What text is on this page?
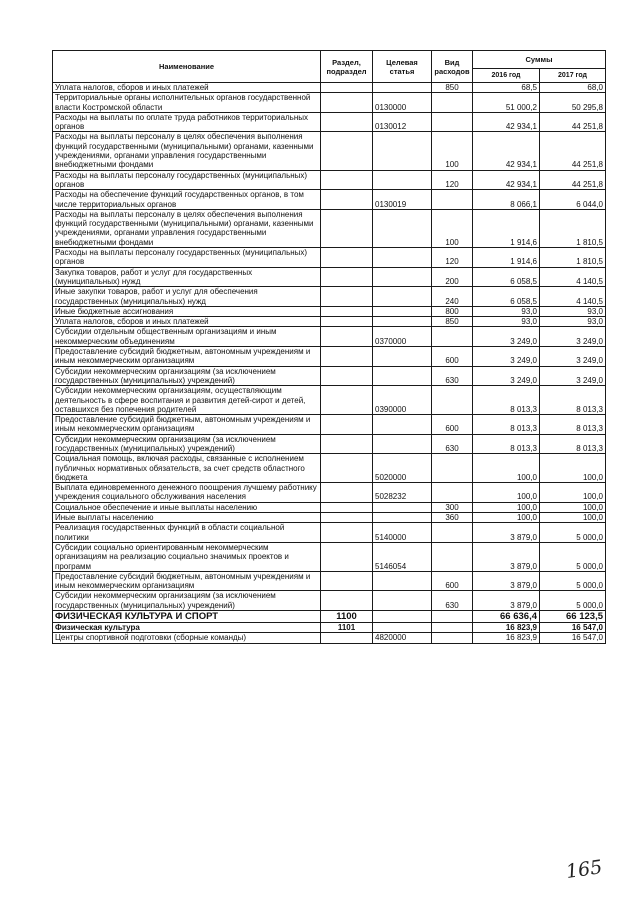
Наименование	Раздел, подраздел	Целевая статья	Вид расходов	Суммы	
				2016 год	2017 год
Уплата налогов, сборов и иных платежей			850	68,5	68,0
Территориальные органы исполнительных органов государственной власти Костромской области		0130000		51 000,2	50 295,8
Расходы на выплаты по оплате труда работников территориальных органов		0130012		42 934,1	44 251,8
Расходы на выплаты персоналу в целях обеспечения выполнения функций государственными (муниципальными) органами, казенными учреждениями, органами управления государственными внебюджетными фондами			100	42 934,1	44 251,8
Расходы на выплаты персоналу государственных (муниципальных) органов			120	42 934,1	44 251,8
Расходы на обеспечение функций государственных органов, в том числе территориальных органов		0130019		8 066,1	6 044,0
Расходы на выплаты персоналу в целях обеспечения выполнения функций государственными (муниципальными) органами, казенными учреждениями, органами управления государственными внебюджетными фондами			100	1 914,6	1 810,5
Расходы на выплаты персоналу государственных (муниципальных) органов			120	1 914,6	1 810,5
Закупка товаров, работ и услуг для государственных (муниципальных) нужд			200	6 058,5	4 140,5
Иные закупки товаров, работ и услуг для обеспечения государственных (муниципальных) нужд			240	6 058,5	4 140,5
Иные бюджетные ассигнования			800	93,0	93,0
Уплата налогов, сборов и иных платежей			850	93,0	93,0
Субсидии отдельным общественным организациям и иным некоммерческим объединениям		0370000		3 249,0	3 249,0
Предоставление субсидий бюджетным, автономным учреждениям и иным некоммерческим организациям			600	3 249,0	3 249,0
Субсидии некоммерческим организациям (за исключением государственных (муниципальных) учреждений)			630	3 249,0	3 249,0
Субсидии некоммерческим организациям, осуществляющим деятельность в сфере воспитания и развития детей-сирот и детей, оставшихся без попечения родителей		0390000		8 013,3	8 013,3
Предоставление субсидий бюджетным, автономным учреждениям и иным некоммерческим организациям			600	8 013,3	8 013,3
Субсидии некоммерческим организациям (за исключением государственных (муниципальных) учреждений)			630	8 013,3	8 013,3
Социальная помощь, включая расходы, связанные с исполнением публичных нормативных обязательств, за счет средств областного бюджета		5020000		100,0	100,0
Выплата единовременного денежного поощрения лучшему работнику учреждения социального обслуживания населения		5028232		100,0	100,0
Социальное обеспечение и иные выплаты населению			300	100,0	100,0
Иные выплаты населению			360	100,0	100,0
Реализация государственных функций в области социальной политики		5140000		3 879,0	5 000,0
Субсидии социально ориентированным некоммерческим организациям на реализацию социально значимых проектов и программ		5146054		3 879,0	5 000,0
Предоставление субсидий бюджетным, автономным учреждениям и иным некоммерческим организациям			600	3 879,0	5 000,0
Субсидии некоммерческим организациям (за исключением государственных (муниципальных) учреждений)			630	3 879,0	5 000,0
ФИЗИЧЕСКАЯ КУЛЬТУРА И СПОРТ	1100			66 636,4	66 123,5
Физическая культура	1101			16 823,9	16 547,0
Центры спортивной подготовки (сборные команды)		4820000		16 823,9	16 547,0
165
